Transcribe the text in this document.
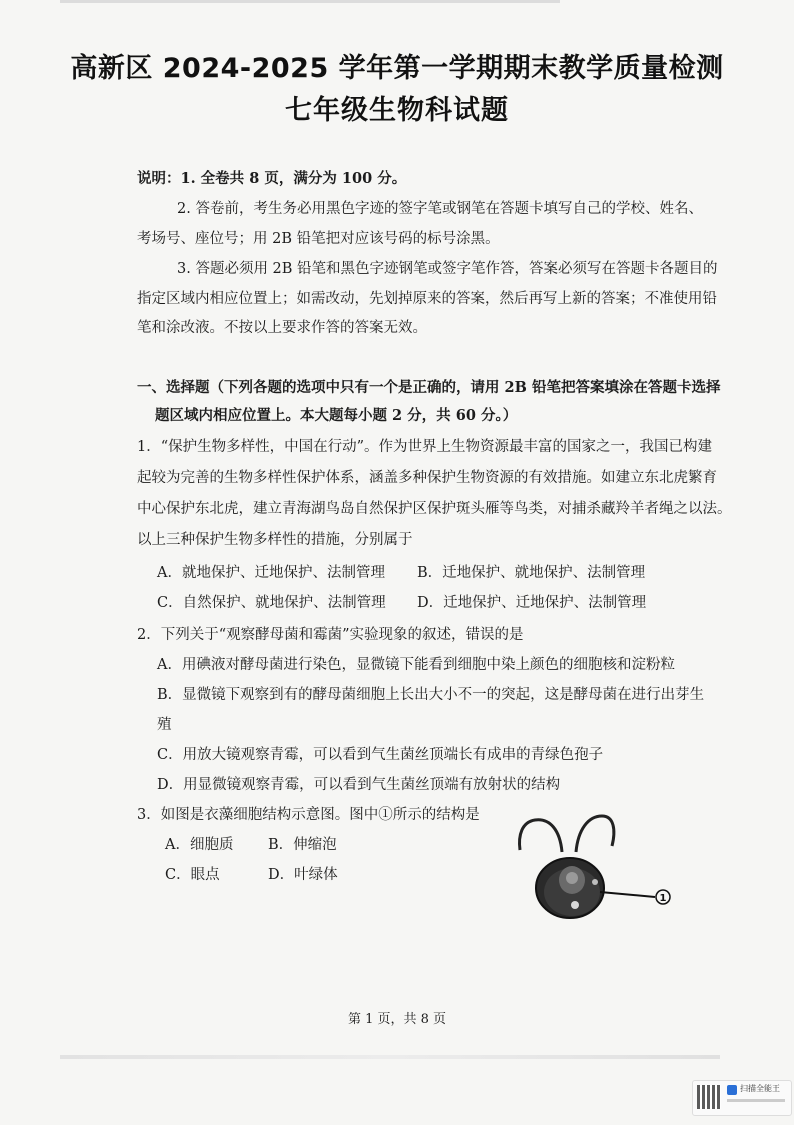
高新区 2024-2025 学年第一学期期末教学质量检测
七年级生物科试题
说明：1. 全卷共 8 页，满分为 100 分。
2. 答卷前，考生务必用黑色字迹的签字笔或钢笔在答题卡填写自己的学校、姓名、
考场号、座位号；用 2B 铅笔把对应该号码的标号涂黑。
3. 答题必须用 2B 铅笔和黑色字迹钢笔或签字笔作答，答案必须写在答题卡各题目的
指定区域内相应位置上；如需改动，先划掉原来的答案，然后再写上新的答案；不准使用铅
笔和涂改液。不按以上要求作答的答案无效。
一、选择题（下列各题的选项中只有一个是正确的，请用 2B 铅笔把答案填涂在答题卡选择
题区域内相应位置上。本大题每小题 2 分，共 60 分。）
1．“保护生物多样性，中国在行动”。作为世界上生物资源最丰富的国家之一，我国已构建
起较为完善的生物多样性保护体系，涵盖多种保护生物资源的有效措施。如建立东北虎繁育
中心保护东北虎，建立青海湖鸟岛自然保护区保护斑头雁等鸟类，对捕杀藏羚羊者绳之以法。
以上三种保护生物多样性的措施，分别属于
A．就地保护、迁地保护、法制管理 B．迁地保护、就地保护、法制管理
C．自然保护、就地保护、法制管理 D．迁地保护、迁地保护、法制管理
2．下列关于“观察酵母菌和霉菌”实验现象的叙述，错误的是
A．用碘液对酵母菌进行染色，显微镜下能看到细胞中染上颜色的细胞核和淀粉粒
B．显微镜下观察到有的酵母菌细胞上长出大小不一的突起，这是酵母菌在进行出芽生
殖
C．用放大镜观察青霉，可以看到气生菌丝顶端长有成串的青绿色孢子
D．用显微镜观察青霉，可以看到气生菌丝顶端有放射状的结构
3．如图是衣藻细胞结构示意图。图中①所示的结构是
A．细胞质 B．伸缩泡
C．眼点	D．叶绿体
1
第 1 页，共 8 页
扫描全能王
